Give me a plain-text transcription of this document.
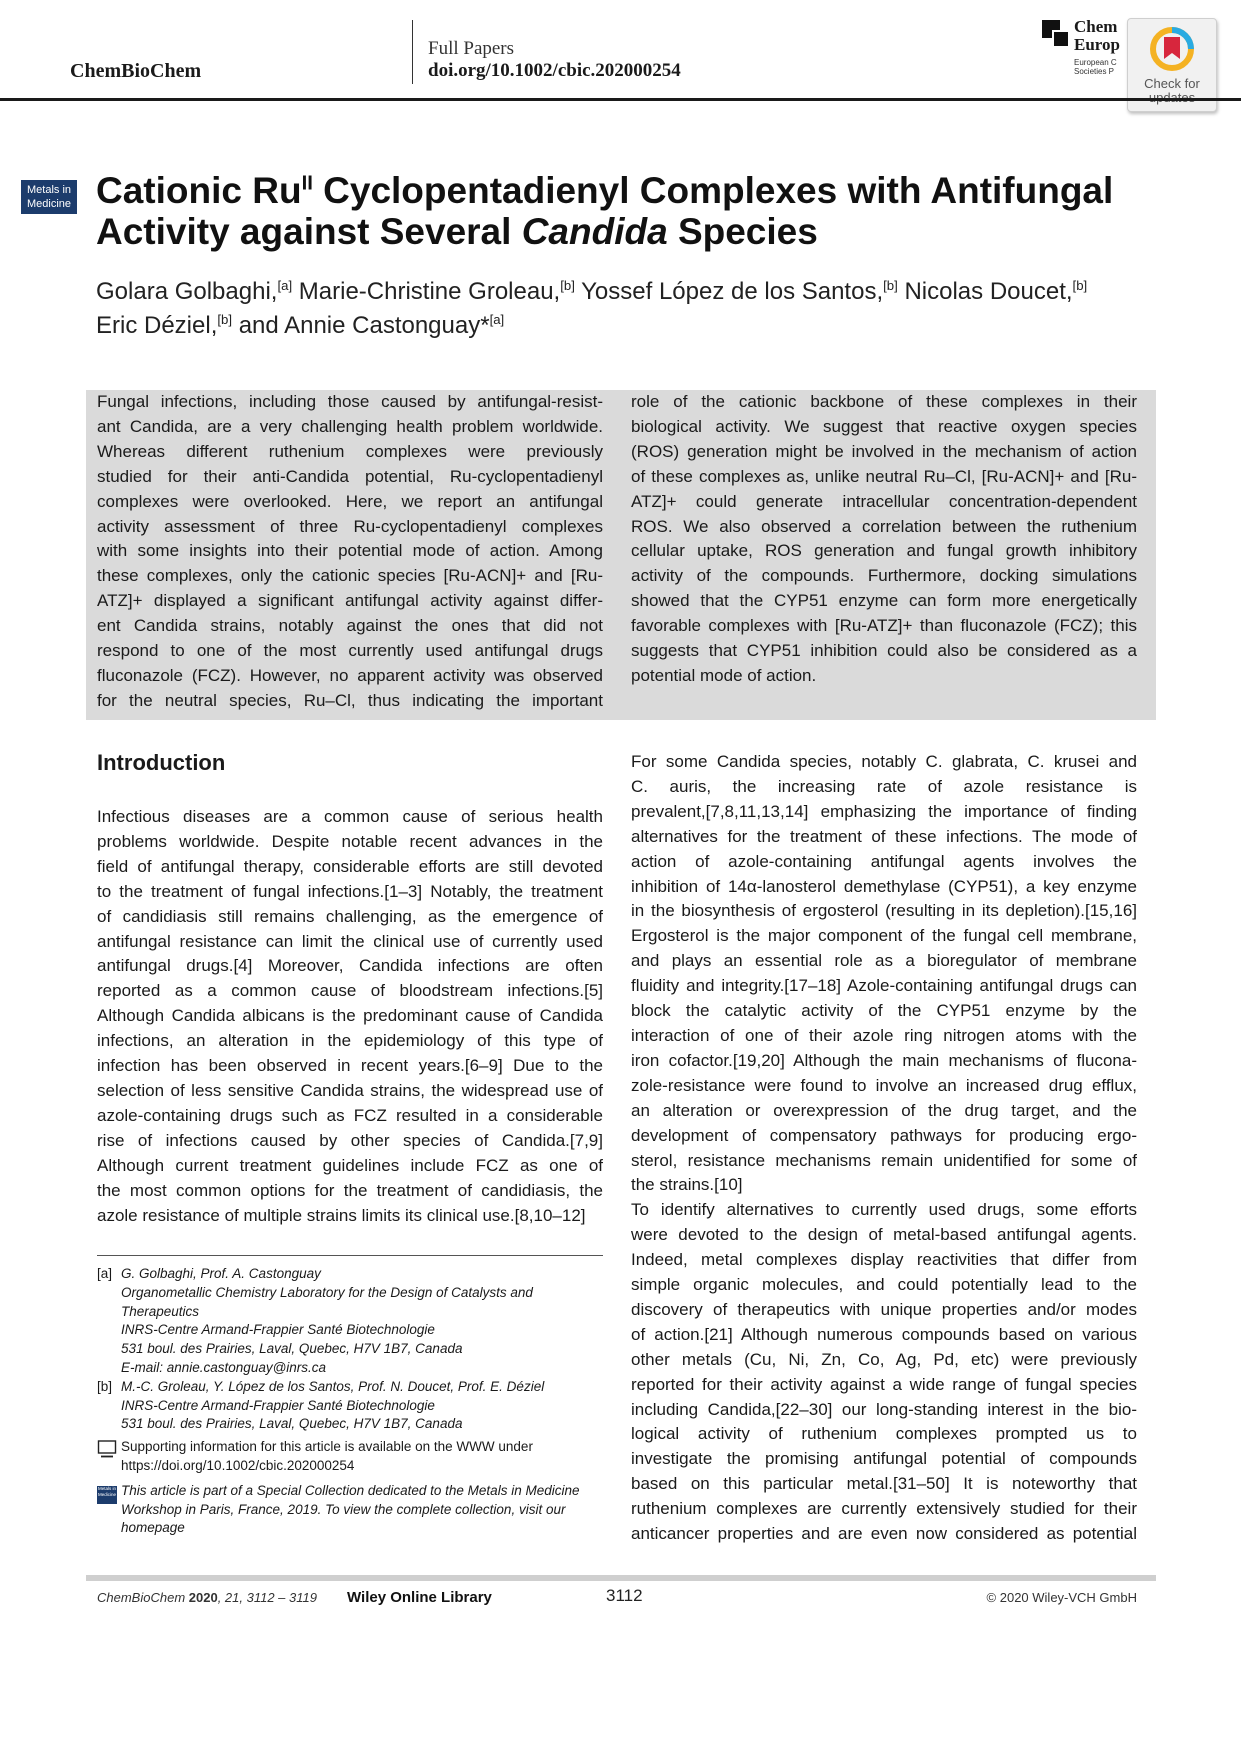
ChemBioChem
Full Papers
doi.org/10.1002/cbic.202000254
Chem
Europ
European C
Societies P
Check for
Metals in
Medicine Cationic $Ru^{II}$ Cyclopentadienyl Complexes with Antifungal
Activity against Several Candida Species
Golara Golbaghi,[a] Marie-Christine Groleau,[b] Yossef López de los Santos,[b] Nicolas Doucet,[b]
Eric Déziel,[b] and Annie Castonguay*[a]
Fungal infections, including those caused by antifungal-resist-
ant Candida, are a very challenging health problem worldwide.
Whereas different ruthenium complexes were previously
studied for their anti-Candida potential, Ru-cyclopentadienyl
complexes were overlooked. Here, we report an antifungal
activity assessment of three Ru-cyclopentadienyl complexes
with some insights into their potential mode of action. Among
these complexes, only the cationic species [Ru-ACN]+ and [Ru-
ATZ]+ displayed a significant antifungal activity against differ-
ent Candida strains, notably against the ones that did not
respond to one of the most currently used antifungal drugs
fluconazole (FCZ). However, no apparent activity was observed
for the neutral species, Ru–Cl, thus indicating the important
role of the cationic backbone of these complexes in their
biological activity. We suggest that reactive oxygen species
(ROS) generation might be involved in the mechanism of action
of these complexes as, unlike neutral Ru–Cl, [Ru-ACN]+ and [Ru-
ATZ]+ could generate intracellular concentration-dependent
ROS. We also observed a correlation between the ruthenium
cellular uptake, ROS generation and fungal growth inhibitory
activity of the compounds. Furthermore, docking simulations
showed that the CYP51 enzyme can form more energetically
favorable complexes with [Ru-ATZ]+ than fluconazole (FCZ); this
suggests that CYP51 inhibition could also be considered as a
potential mode of action.
Introduction
Infectious diseases are a common cause of serious health
problems worldwide. Despite notable recent advances in the
field of antifungal therapy, considerable efforts are still devoted
to the treatment of fungal infections.[1–3] Notably, the treatment
of candidiasis still remains challenging, as the emergence of
antifungal resistance can limit the clinical use of currently used
antifungal drugs.[4] Moreover, Candida infections are often
reported as a common cause of bloodstream infections.[5]
Although Candida albicans is the predominant cause of Candida
infections, an alteration in the epidemiology of this type of
infection has been observed in recent years.[6–9] Due to the
selection of less sensitive Candida strains, the widespread use of
azole-containing drugs such as FCZ resulted in a considerable
rise of infections caused by other species of Candida.[7,9]
Although current treatment guidelines include FCZ as one of
the most common options for the treatment of candidiasis, the
azole resistance of multiple strains limits its clinical use.[8,10–12]
For some Candida species, notably C. glabrata, C. krusei and
C. auris, the increasing rate of azole resistance is
prevalent,[7,8,11,13,14] emphasizing the importance of finding
alternatives for the treatment of these infections. The mode of
action of azole-containing antifungal agents involves the
inhibition of 14α-lanosterol demethylase (CYP51), a key enzyme
in the biosynthesis of ergosterol (resulting in its depletion).[15,16]
Ergosterol is the major component of the fungal cell membrane,
and plays an essential role as a bioregulator of membrane
fluidity and integrity.[17–18] Azole-containing antifungal drugs can
block the catalytic activity of the CYP51 enzyme by the
interaction of one of their azole ring nitrogen atoms with the
iron cofactor.[19,20] Although the main mechanisms of flucona-
zole-resistance were found to involve an increased drug efflux,
an alteration or overexpression of the drug target, and the
development of compensatory pathways for producing ergo-
sterol, resistance mechanisms remain unidentified for some of
the strains.[10]
To identify alternatives to currently used drugs, some efforts
were devoted to the design of metal-based antifungal agents.
Indeed, metal complexes display reactivities that differ from
simple organic molecules, and could potentially lead to the
discovery of therapeutics with unique properties and/or modes
of action.[21] Although numerous compounds based on various
other metals (Cu, Ni, Zn, Co, Ag, Pd, etc) were previously
reported for their activity against a wide range of fungal species
including Candida,[22–30] our long-standing interest in the bio-
logical activity of ruthenium complexes prompted us to
investigate the promising antifungal potential of compounds
based on this particular metal.[31–50] It is noteworthy that
ruthenium complexes are currently extensively studied for their
anticancer properties and are even now considered as potential
[a] G. Golbaghi, Prof. A. Castonguay
Organometallic Chemistry Laboratory for the Design of Catalysts and Therapeutics
INRS-Centre Armand-Frappier Santé Biotechnologie
531 boul. des Prairies, Laval, Quebec, H7V 1B7, Canada
E-mail: annie.castonguay@inrs.ca
[b] M.-C. Groleau, Y. López de los Santos, Prof. N. Doucet, Prof. E. Déziel
INRS-Centre Armand-Frappier Santé Biotechnologie
531 boul. des Prairies, Laval, Quebec, H7V 1B7, Canada
Supporting information for this article is available on the WWW under https://doi.org/10.1002/cbic.202000254
Metals in Medicine This article is part of a Special Collection dedicated to the Metals in Medicine Workshop in Paris, France, 2019. To view the complete collection, visit our homepage
ChemBioChem 2020, 21, 3112 – 3119 Wiley Online Library	3112	© 2020 Wiley-VCH GmbH
